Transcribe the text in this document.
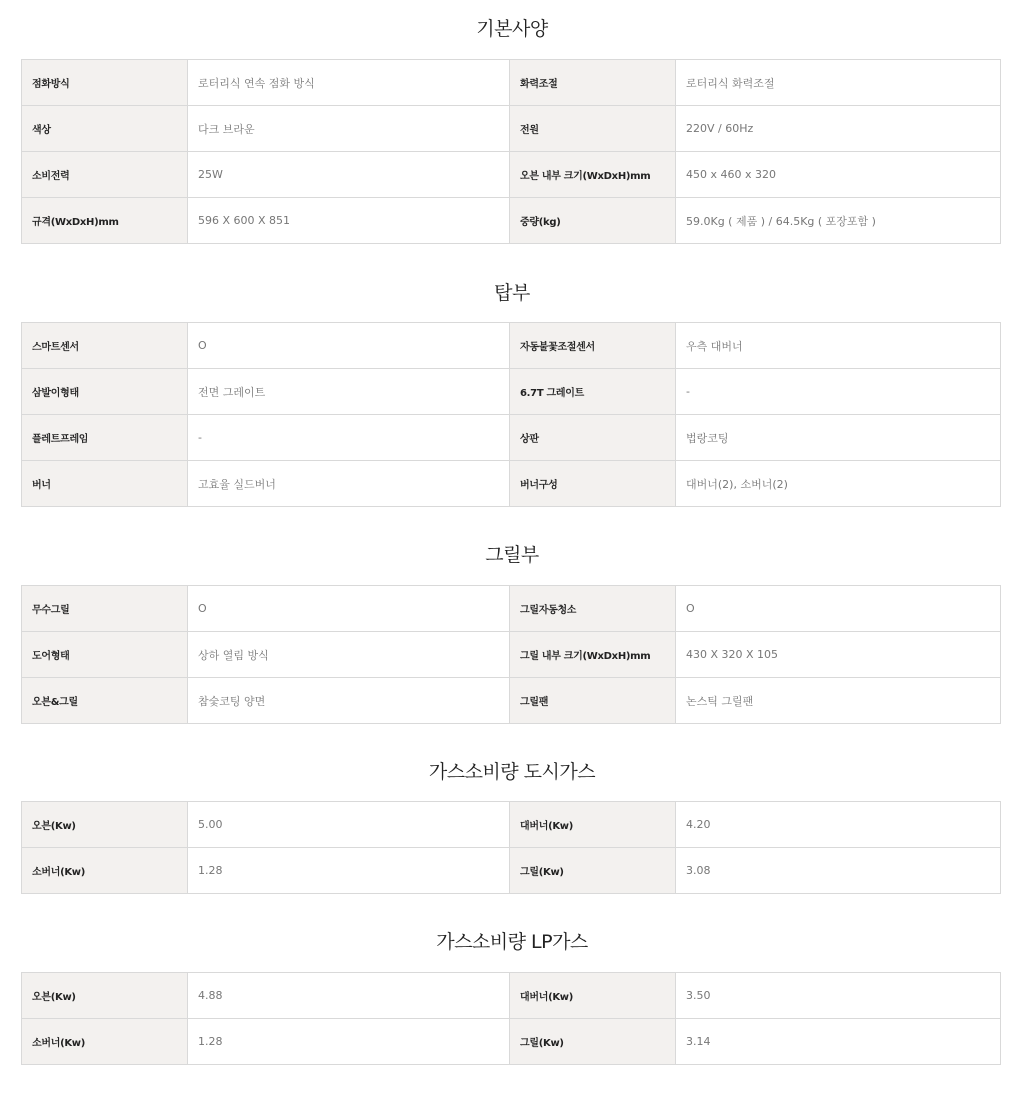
기본사양
점화방식	로터리식 연속 점화 방식	화력조절	로터리식 화력조절
색상	다크 브라운	전원	220V / 60Hz
소비전력	25W	오븐 내부 크기(WxDxH)mm	450 x 460 x 320
규격(WxDxH)mm	596 X 600 X 851	중량(kg)	59.0Kg ( 제품 ) / 64.5Kg ( 포장포함 )
탑부
스마트센서	O	자동불꽃조절센서	우측 대버너
삼발이형태	전면 그레이트	6.7T 그레이트	-
플레트프레임	-	상판	법랑코팅
버너	고효율 실드버너	버너구성	대버너(2), 소버너(2)
그릴부
무수그릴	O	그릴자동청소	O
도어형태	상하 열림 방식	그릴 내부 크기(WxDxH)mm	430 X 320 X 105
오븐&그릴	참숯코팅 양면	그릴팬	논스틱 그릴팬
가스소비량 도시가스
오븐(Kw)	5.00	대버너(Kw)	4.20
소버너(Kw)	1.28	그릴(Kw)	3.08
가스소비량 LP가스
오븐(Kw)	4.88	대버너(Kw)	3.50
소버너(Kw)	1.28	그릴(Kw)	3.14
